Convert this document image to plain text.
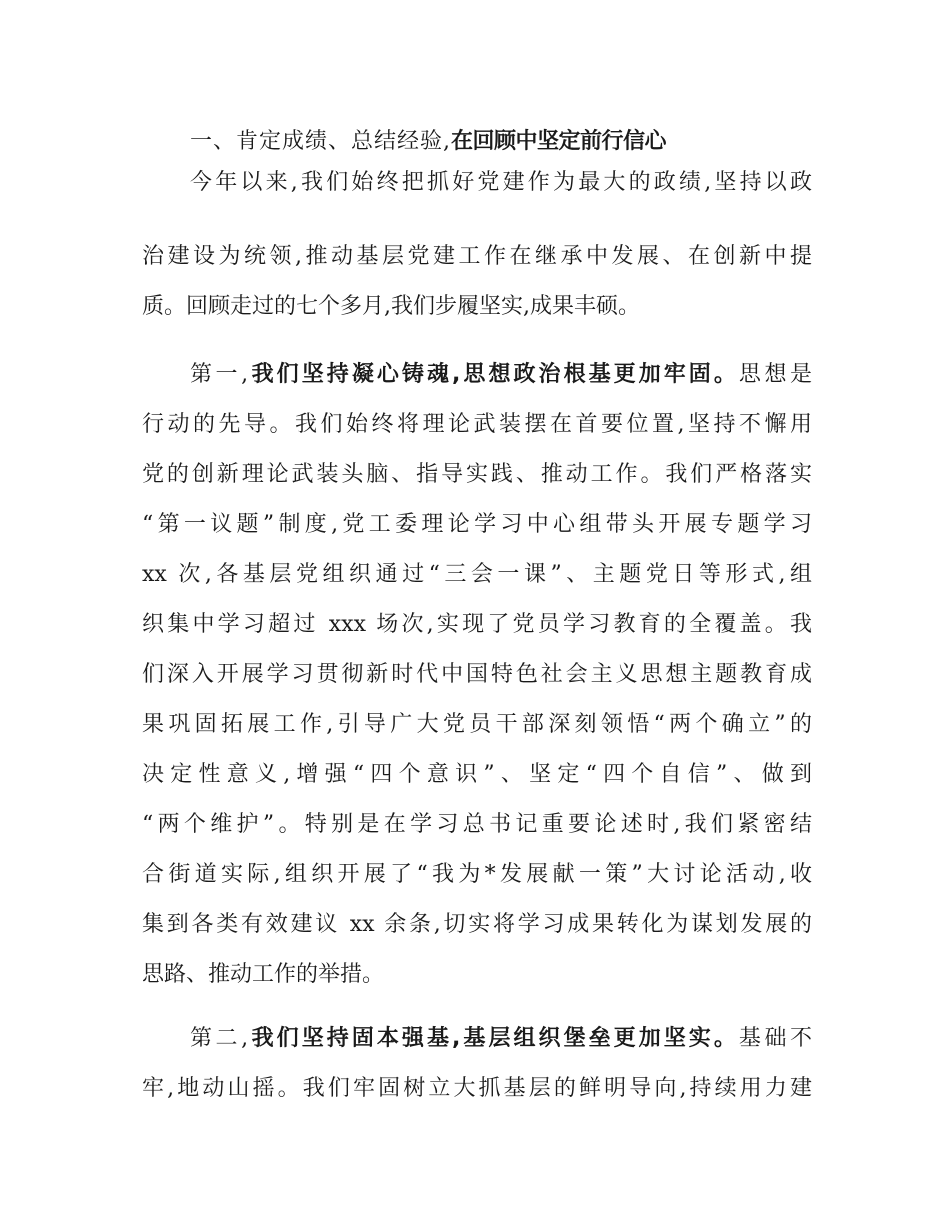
一、肯定成绩、总结经验,在回顾中坚定前行信心
今年以来,我们始终把抓好党建作为最大的政绩,坚持以政
治建设为统领,推动基层党建工作在继承中发展、在创新中提
质。回顾走过的七个多月,我们步履坚实,成果丰硕。
第一,我们坚持凝心铸魂,思想政治根基更加牢固。思想是
行动的先导。我们始终将理论武装摆在首要位置,坚持不懈用
党的创新理论武装头脑、指导实践、推动工作。我们严格落实
“第一议题”制度,党工委理论学习中心组带头开展专题学习
xx 次,各基层党组织通过“三会一课”、主题党日等形式,组
织集中学习超过 xxx 场次,实现了党员学习教育的全覆盖。我
们深入开展学习贯彻新时代中国特色社会主义思想主题教育成
果巩固拓展工作,引导广大党员干部深刻领悟“两个确立”的
决定性意义,增强“四个意识”、坚定“四个自信”、做到
“两个维护”。特别是在学习总书记重要论述时,我们紧密结
合街道实际,组织开展了“我为*发展献一策”大讨论活动,收
集到各类有效建议 xx 余条,切实将学习成果转化为谋划发展的
思路、推动工作的举措。
第二,我们坚持固本强基,基层组织堡垒更加坚实。基础不
牢,地动山摇。我们牢固树立大抓基层的鲜明导向,持续用力建
